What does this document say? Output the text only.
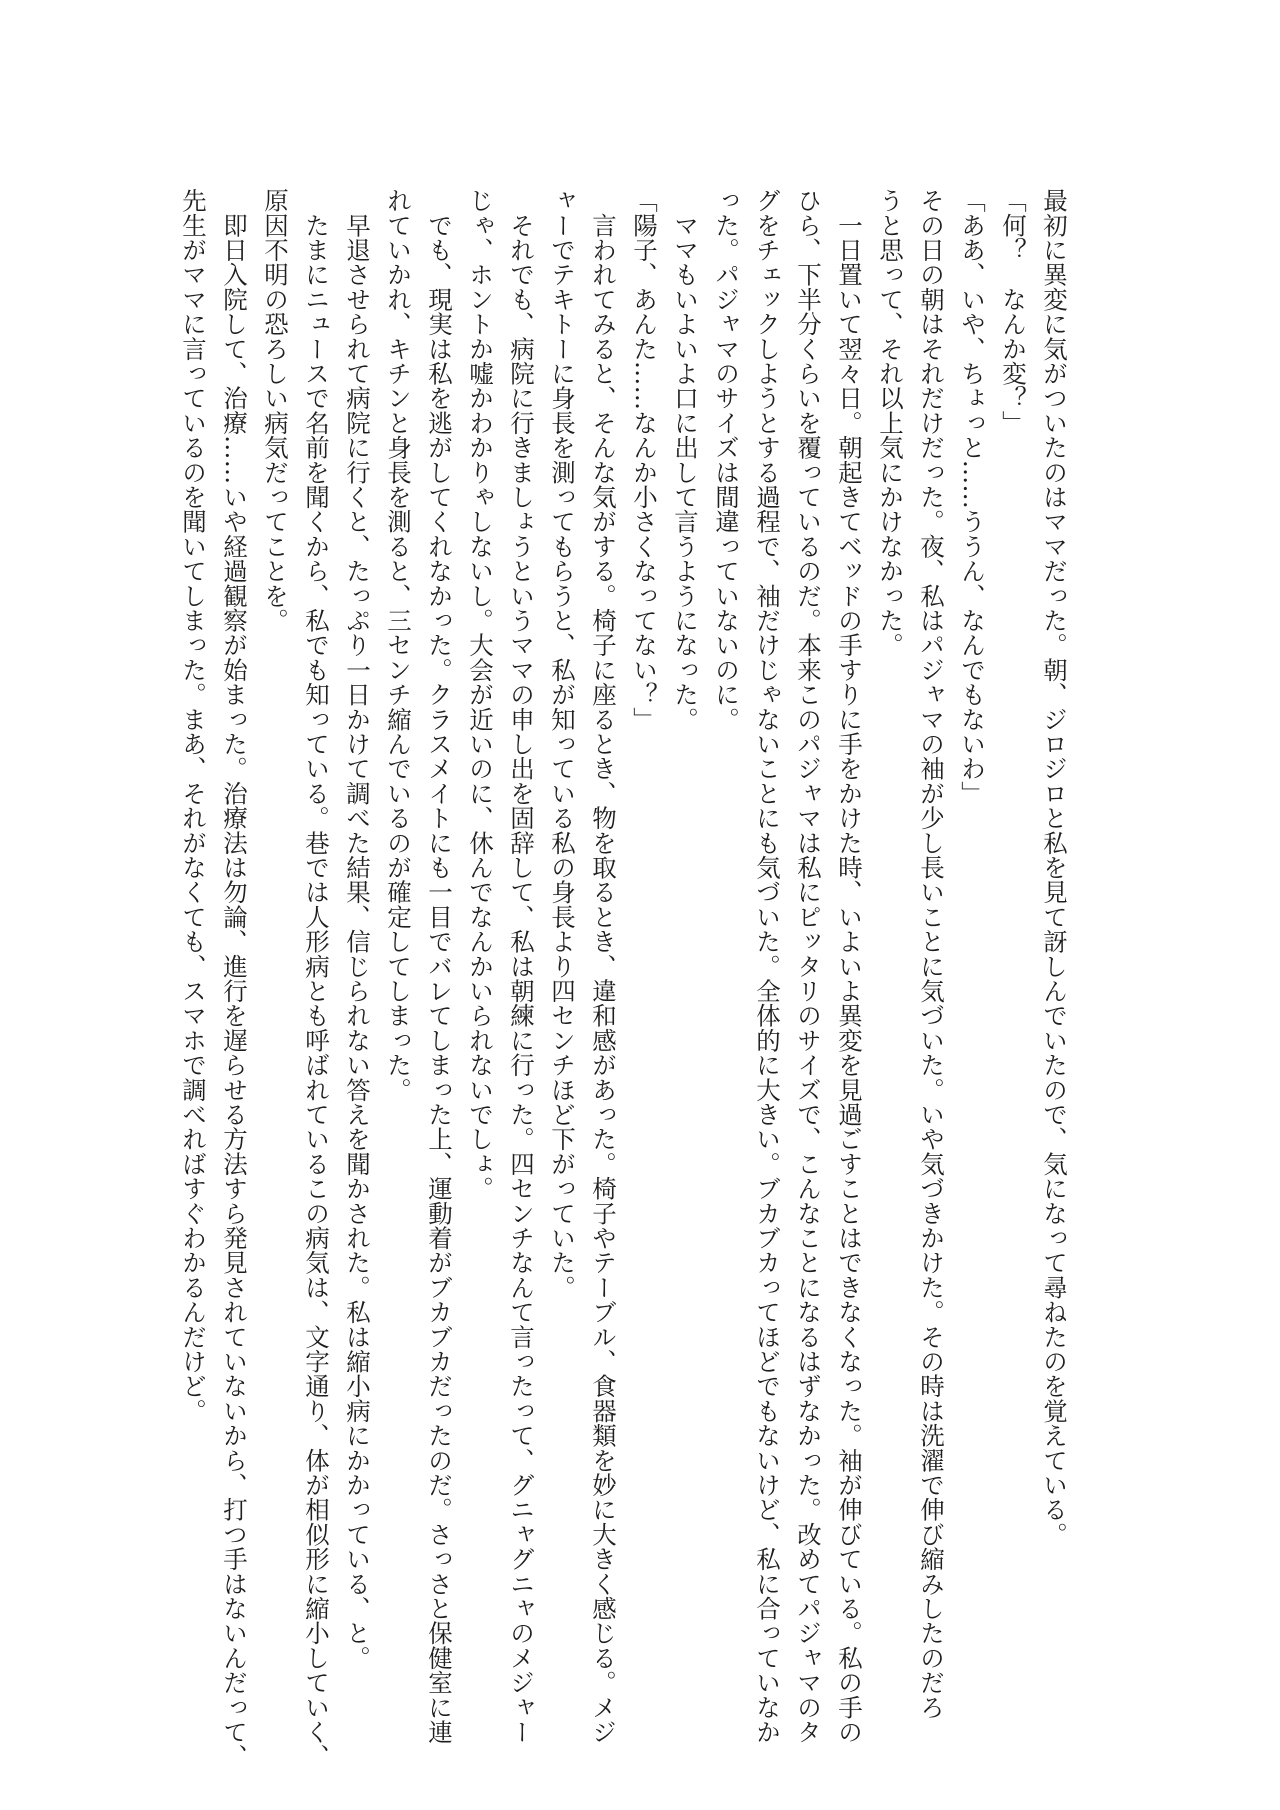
最初に異変に気がついたのはママだった。朝、ジロジロと私を見て訝しんでいたので、気になって尋ねたのを覚えている。
「何？　なんか変？」
「ああ、いや、ちょっと……ううん、なんでもないわ」
その日の朝はそれだけだった。夜、私はパジャマの袖が少し長いことに気づいた。いや気づきかけた。その時は洗濯で伸び縮みしたのだろ
うと思って、それ以上気にかけなかった。
　一日置いて翌々日。朝起きてベッドの手すりに手をかけた時、いよいよ異変を見過ごすことはできなくなった。袖が伸びている。私の手の
ひら、下半分くらいを覆っているのだ。本来このパジャマは私にピッタリのサイズで、こんなことになるはずなかった。改めてパジャマのタ
グをチェックしようとする過程で、袖だけじゃないことにも気づいた。全体的に大きい。ブカブカってほどでもないけど、私に合っていなか
った。パジャマのサイズは間違っていないのに。
　ママもいよいよ口に出して言うようになった。
「陽子、あんた……なんか小さくなってない？」
　言われてみると、そんな気がする。椅子に座るとき、物を取るとき、違和感があった。椅子やテーブル、食器類を妙に大きく感じる。メジ
ャーでテキトーに身長を測ってもらうと、私が知っている私の身長より四センチほど下がっていた。
　それでも、病院に行きましょうというママの申し出を固辞して、私は朝練に行った。四センチなんて言ったって、グニャグニャのメジャー
じゃ、ホントか嘘かわかりゃしないし。大会が近いのに、休んでなんかいられないでしょ。
　でも、現実は私を逃がしてくれなかった。クラスメイトにも一目でバレてしまった上、運動着がブカブカだったのだ。さっさと保健室に連
れていかれ、キチンと身長を測ると、三センチ縮んでいるのが確定してしまった。
　早退させられて病院に行くと、たっぷり一日かけて調べた結果、信じられない答えを聞かされた。私は縮小病にかかっている、と。
　たまにニュースで名前を聞くから、私でも知っている。巷では人形病とも呼ばれているこの病気は、文字通り、体が相似形に縮小していく、
原因不明の恐ろしい病気だってことを。
　即日入院して、治療……いや経過観察が始まった。治療法は勿論、進行を遅らせる方法すら発見されていないから、打つ手はないんだって、
先生がママに言っているのを聞いてしまった。まあ、それがなくても、スマホで調べればすぐわかるんだけど。
